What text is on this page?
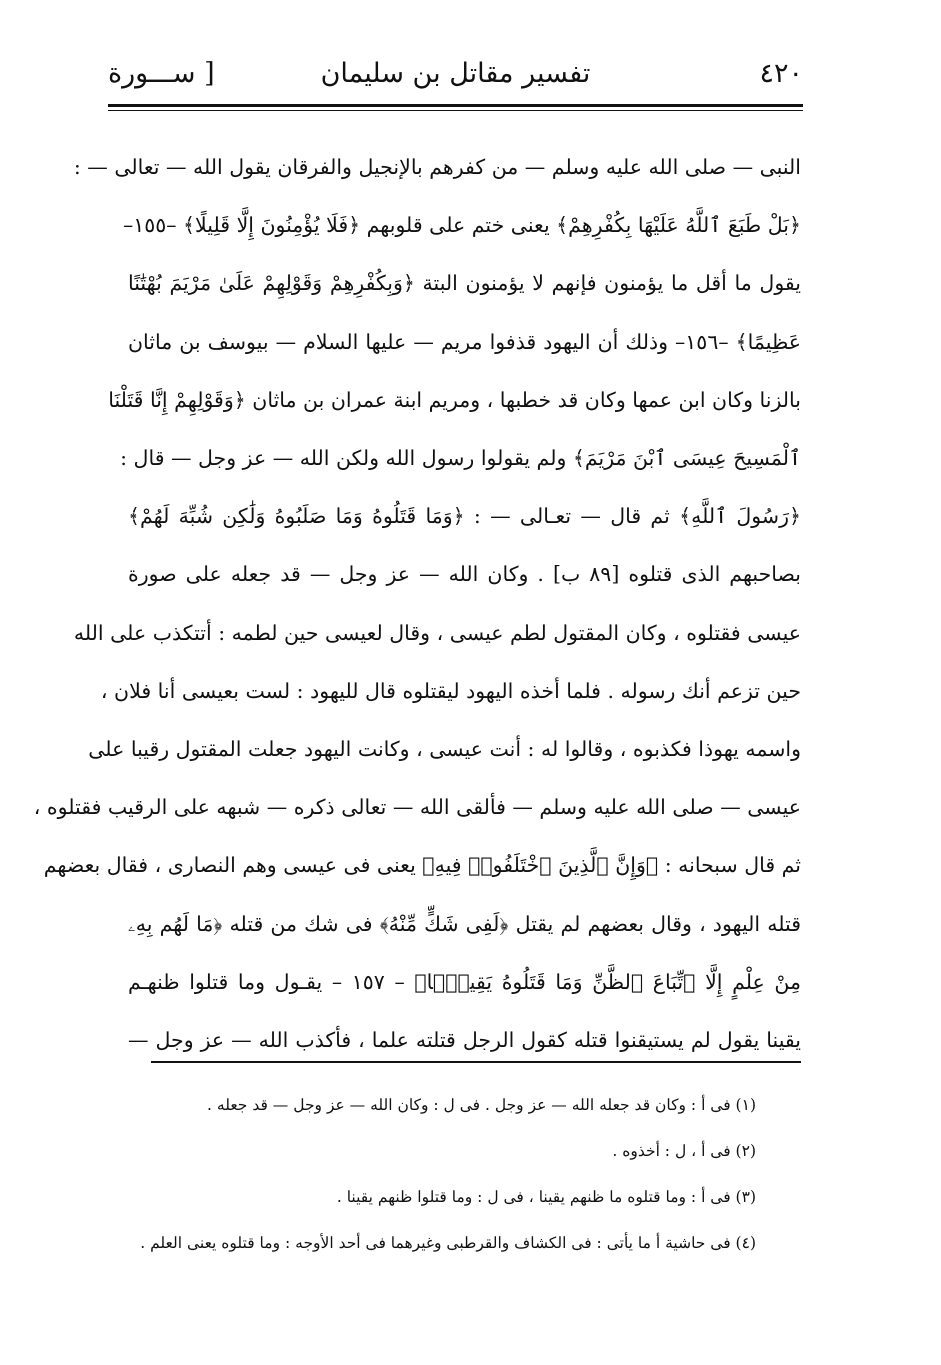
٤٢٠
تفسير مقاتل بن سليمان
[ ســـورة

النبى — صلى الله عليه وسلم — من كفرهم بالإنجيل والفرقان يقول الله — تعالى — :

﴿بَلْ طَبَعَ ٱللَّهُ عَلَيْهَا بِكُفْرِهِمْ﴾ يعنى ختم على قلوبهم ﴿فَلَا يُؤْمِنُونَ إِلَّا قَلِيلًا﴾ –١٥٥–

يقول ما أقل ما يؤمنون فإنهم لا يؤمنون البتة ﴿وَبِكُفْرِهِمْ وَقَوْلِهِمْ عَلَىٰ مَرْيَمَ بُهْتَٰنًا

عَظِيمًا﴾ –١٥٦– وذلك أن اليهود قذفوا مريم — عليها السلام — بيوسف بن ماثان

بالزنا وكان ابن عمها وكان قد خطبها ، ومريم ابنة عمران بن ماثان ﴿وَقَوْلِهِمْ إِنَّا قَتَلْنَا

ٱلْمَسِيحَ عِيسَى ٱبْنَ مَرْيَمَ﴾ ولم يقولوا رسول الله ولكن الله — عز وجل — قال :

﴿رَسُولَ ٱللَّهِ﴾ ثم قال — تعـالى — : ﴿وَمَا قَتَلُوهُ وَمَا صَلَبُوهُ وَلَٰكِن شُبِّهَ لَهُمْ﴾

بصاحبهم الذى قتلوه [٨٩ ب] . وكان الله — عز وجل — قد جعله على صورة

عيسى فقتلوه ، وكان المقتول لطم عيسى ، وقال لعيسى حين لطمه : أتتكذب على الله

حين تزعم أنك رسوله . فلما أخذه اليهود ليقتلوه قال لليهود : لست بعيسى أنا فلان ،

واسمه يهوذا فكذبوه ، وقالوا له : أنت عيسى ، وكانت اليهود جعلت المقتول رقيبا على

عيسى — صلى الله عليه وسلم — فألقى الله — تعالى ذكره — شبهه على الرقيب فقتلوه ،

ثم قال سبحانه : ﴿وَإِنَّ ٱلَّذِينَ ٱخْتَلَفُوا۟ فِيهِ﴾ يعنى فى عيسى وهم النصارى ، فقال بعضهم

قتله اليهود ، وقال بعضهم لم يقتل ﴿لَفِى شَكٍّ مِّنْهُ﴾ فى شك من قتله ﴿مَا لَهُم بِهِۦ

مِنْ عِلْمٍ إِلَّا ٱتِّبَاعَ ٱلظَّنِّ وَمَا قَتَلُوهُ يَقِينًۢا﴾ – ١٥٧ – يقـول وما قتلوا ظنهـم

يقينا يقول لم يستيقنوا قتله كقول الرجل قتلته علما ، فأكذب الله — عز وجل —

(١) فى أ : وكان قد جعله الله — عز وجل . فى ل : وكان الله — عز وجل — قد جعله .

(٢) فى أ ، ل : أخذوه .

(٣) فى أ : وما قتلوه ما ظنهم يقينا ، فى ل : وما قتلوا ظنهم يقينا .

(٤) فى حاشية أ ما يأتى : فى الكشاف والقرطبى وغيرهما فى أحد الأوجه : وما قتلوه يعنى العلم .
